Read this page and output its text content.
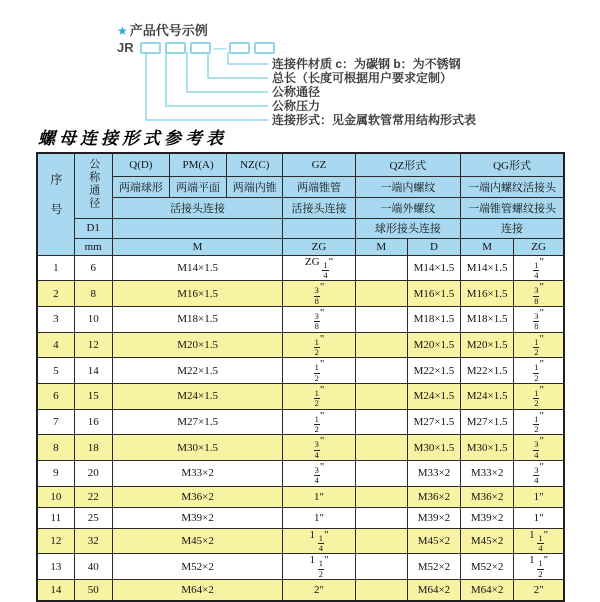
★ 产品代号示例
JR	—
连接件材质 c：为碳钢 b：为不锈钢
总长（长度可根据用户要求定制）
公称通径
公称压力
连接形式：见金属软管常用结构形式表
螺母连接形式参考表
序号	公称通径	Q(D)	PM(A)	NZ(C)	GZ	QZ形式		QG形式	
		两端球形	两端平面	两端内锥	两端锥管	一端内螺纹		一端内螺纹活接头	
		活接头连接			活接头连接	一端外螺纹		一端锥管螺纹接头	
	D1					球形接头连接		连接	
	mm	M			ZG	M	D	M	ZG
1	6	M14×1.5			ZG $\frac{1}{4}$ "		M14×1.5	M14×1.5	$\frac{1}{4}$ "
2	8	M16×1.5			$\frac{3}{8}$ "		M16×1.5	M16×1.5	$\frac{3}{8}$ "
3	10	M18×1.5			$\frac{3}{8}$ "		M18×1.5	M18×1.5	$\frac{3}{8}$ "
4	12	M20×1.5			$\frac{1}{2}$ "		M20×1.5	M20×1.5	$\frac{1}{2}$ "
5	14	M22×1.5			$\frac{1}{2}$ "		M22×1.5	M22×1.5	$\frac{1}{2}$ "
6	15	M24×1.5			$\frac{1}{2}$ "		M24×1.5	M24×1.5	$\frac{1}{2}$ "
7	16	M27×1.5			$\frac{1}{2}$ "		M27×1.5	M27×1.5	$\frac{1}{2}$ "
8	18	M30×1.5			$\frac{3}{4}$ "		M30×1.5	M30×1.5	$\frac{3}{4}$ "
9	20	M33×2			$\frac{3}{4}$ "		M33×2	M33×2	$\frac{3}{4}$ "
10	22	M36×2			1"		M36×2	M36×2	1"
11	25	M39×2			1"		M39×2	M39×2	1"
12	32	M45×2			$1 \frac{1}{4}$ "		M45×2	M45×2	$1 \frac{1}{4}$ "
13	40	M52×2			$1 \frac{1}{2}$ "		M52×2	M52×2	$1 \frac{1}{2}$ "
14	50	M64×2			2"		M64×2	M64×2	2"
